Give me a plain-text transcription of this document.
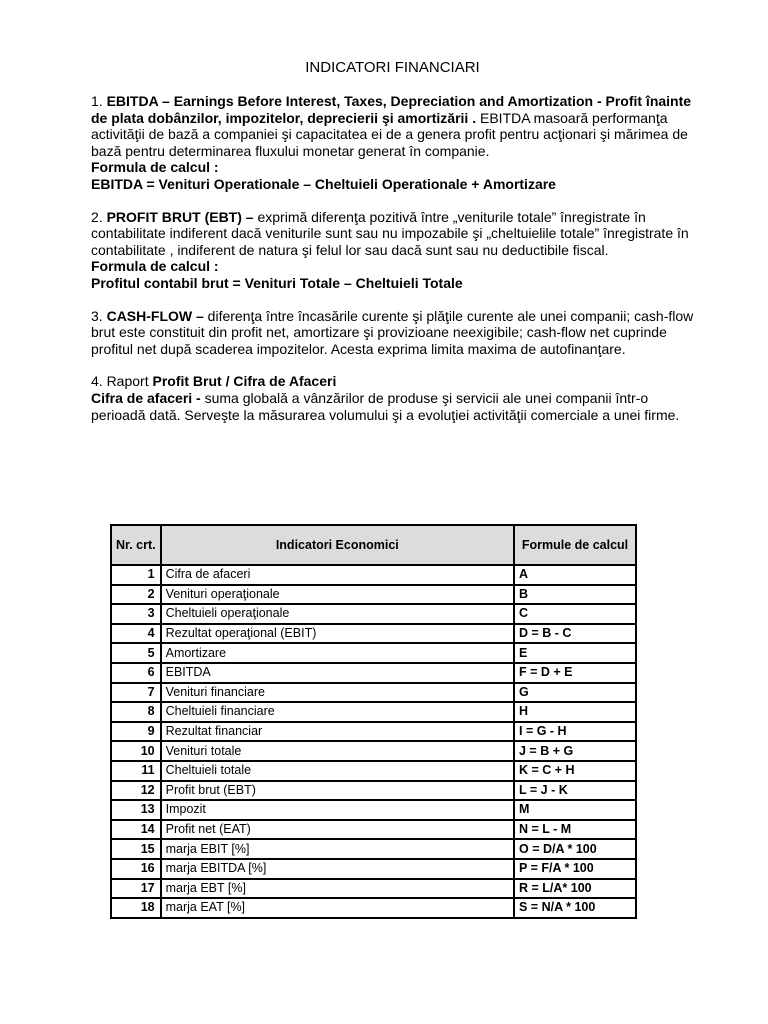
INDICATORI FINANCIARI

1. EBITDA – Earnings Before Interest, Taxes, Depreciation and Amortization - Profit înainte de plata dobânzilor, impozitelor, deprecierii şi amortizării . EBITDA masoară performanţa activităţii de bază a companiei şi capacitatea ei de a genera profit pentru acţionari şi mărimea de bază pentru determinarea fluxului monetar generat în companie.

Formula de calcul :

EBITDA = Venituri Operationale – Cheltuieli Operationale + Amortizare

2. PROFIT BRUT (EBT) – exprimă diferenţa pozitivă între „veniturile totale” înregistrate în contabilitate indiferent dacă veniturile sunt sau nu impozabile şi „cheltuielile totale” înregistrate în contabilitate , indiferent de natura şi felul lor sau dacă sunt sau nu deductibile fiscal.

Formula de calcul :

Profitul contabil brut = Venituri Totale – Cheltuieli Totale

3. CASH-FLOW – diferenţa între încasările curente şi plăţile curente ale unei companii; cash-flow brut este constituit din profit net, amortizare şi provizioane neexigibile; cash-flow net cuprinde profitul net după scaderea impozitelor. Acesta exprima limita maxima de autofinanţare.

4. Raport Profit Brut / Cifra de Afaceri

Cifra de afaceri - suma globală a vânzărilor de produse şi servicii ale unei companii într-o perioadă dată. Serveşte la măsurarea volumului şi a evoluţiei activităţii comerciale a unei firme.

Nr. crt.	Indicatori Economici	Formule de calcul
1	Cifra de afaceri	A
2	Venituri operaţionale	B
3	Cheltuieli operaţionale	C
4	Rezultat operaţional (EBIT)	D = B - C
5	Amortizare	E
6	EBITDA	F = D + E
7	Venituri financiare	G
8	Cheltuieli financiare	H
9	Rezultat financiar	I = G - H
10	Venituri totale	J = B + G
11	Cheltuieli totale	K = C + H
12	Profit brut (EBT)	L = J - K
13	Impozit	M
14	Profit net (EAT)	N = L - M
15	marja EBIT [%]	O = D/A * 100
16	marja EBITDA [%]	P = F/A * 100
17	marja EBT [%]	R = L/A* 100
18	marja EAT [%]	S = N/A * 100
